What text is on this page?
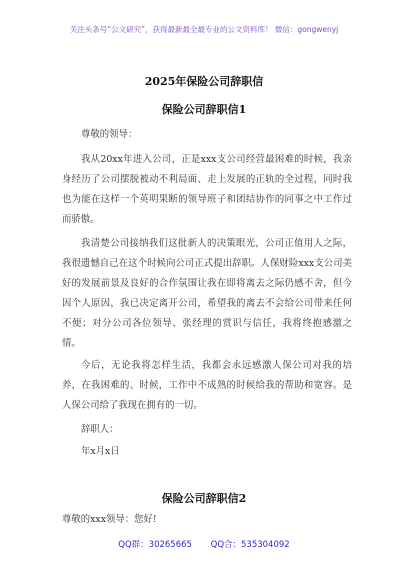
关注头条号“公文研究”，获得最新最全最专业的公文资料库！ 微信：gongwenyj
2025年保险公司辞职信
保险公司辞职信1
尊敬的领导：
我从20xx年进入公司，正是xxx支公司经营最困难的时候，我亲身经历了公司摆脱被动不利局面、走上发展的正轨的全过程，同时我也为能在这样一个英明果断的领导班子和团结协作的同事之中工作过而骄傲。
我清楚公司接纳我们这批新人的决策眼光，公司正值用人之际，我很遗憾自己在这个时候向公司正式提出辞职。人保财险xxx支公司美好的发展前景及良好的合作氛围让我在即将离去之际仍感不舍，但今因个人原因，我已决定离开公司，希望我的离去不会给公司带来任何不便；对分公司各位领导、张经理的赏识与信任，我将终抱感激之情。
今后，无论我将怎样生活，我都会永远感激人保公司对我的培养，在我困难的、时候，工作中不成熟的时候给我的帮助和宽容。是人保公司给了我现在拥有的一切。
辞职人：
年x月x日
保险公司辞职信2
尊敬的xxx领导：您好!
QQ群：30265665 QQ合：535304092
